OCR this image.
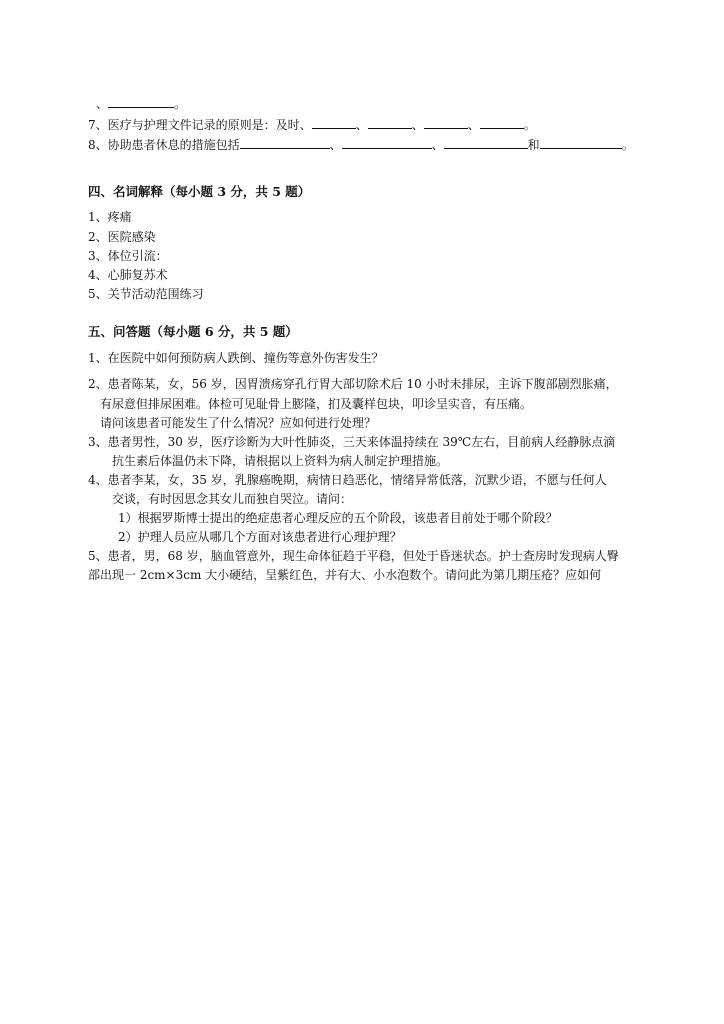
、	。
7、医疗与护理文件记录的原则是：及时、	、	、	、	。
8、协助患者休息的措施包括	、	、	和	。
四、名词解释（每小题 3 分，共 5 题）
1、疼痛
2、医院感染
3、体位引流：
4、心肺复苏术
5、关节活动范围练习
五、问答题（每小题 6 分，共 5 题）
1、在医院中如何预防病人跌倒、撞伤等意外伤害发生？
2、患者陈某，女，56 岁，因胃溃疡穿孔行胃大部切除术后 10 小时未排尿，主诉下腹部剧烈胀痛，
有尿意但排尿困难。体检可见耻骨上膨隆，扪及囊样包块，叩诊呈实音，有压痛。
请问该患者可能发生了什么情况？应如何进行处理？
3、患者男性，30 岁，医疗诊断为大叶性肺炎，三天来体温持续在 39℃左右，目前病人经静脉点滴
抗生素后体温仍未下降，请根据以上资料为病人制定护理措施。
4、患者李某，女，35 岁，乳腺癌晚期，病情日趋恶化，情绪异常低落，沉默少语，不愿与任何人
交谈，有时因思念其女儿而独自哭泣。请问：
1）根据罗斯博士提出的绝症患者心理反应的五个阶段，该患者目前处于哪个阶段？
2）护理人员应从哪几个方面对该患者进行心理护理？
5、患者，男，68 岁，脑血管意外，现生命体征趋于平稳，但处于昏迷状态。护士查房时发现病人臀
部出现一 2cm×3cm 大小硬结，呈紫红色，并有大、小水泡数个。请问此为第几期压疮？应如何
